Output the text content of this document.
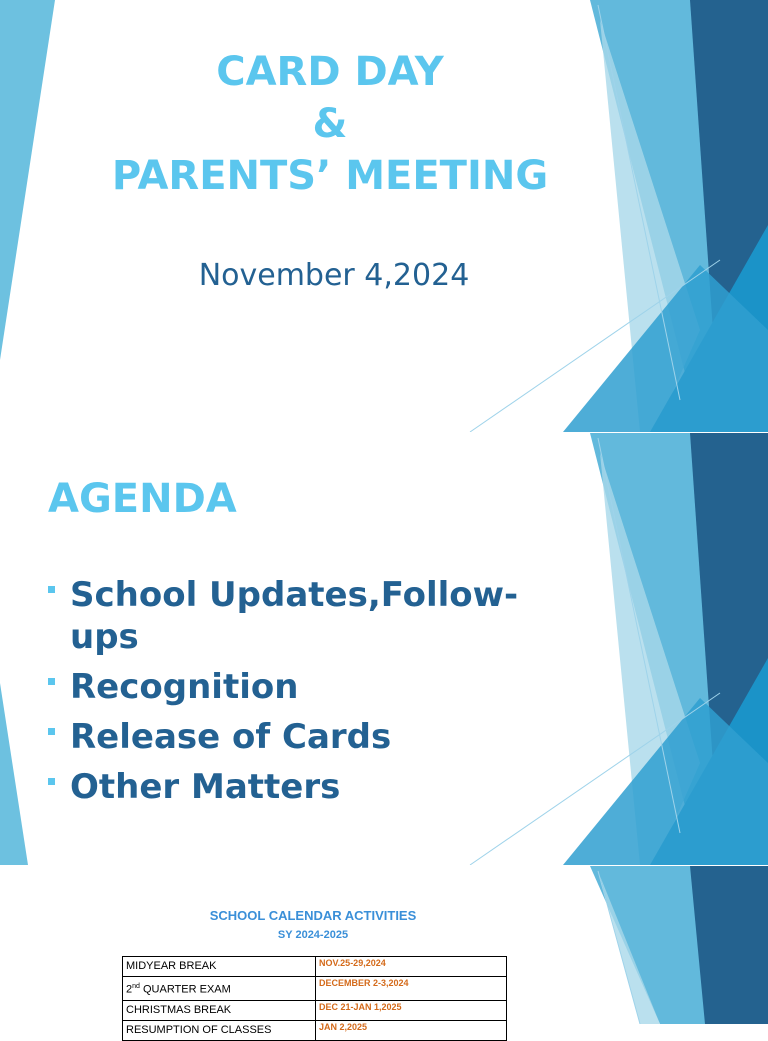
CARD DAY
&
PARENTS’ MEETING
November 4,2024
AGENDA
School Updates,Follow-ups
Recognition
Release of Cards
Other Matters
SCHOOL CALENDAR ACTIVITIES
SY 2024-2025
MIDYEAR BREAK	NOV.25-29,2024
2nd QUARTER EXAM	DECEMBER 2-3,2024
CHRISTMAS BREAK	DEC 21-JAN 1,2025
RESUMPTION OF CLASSES	JAN 2,2025
